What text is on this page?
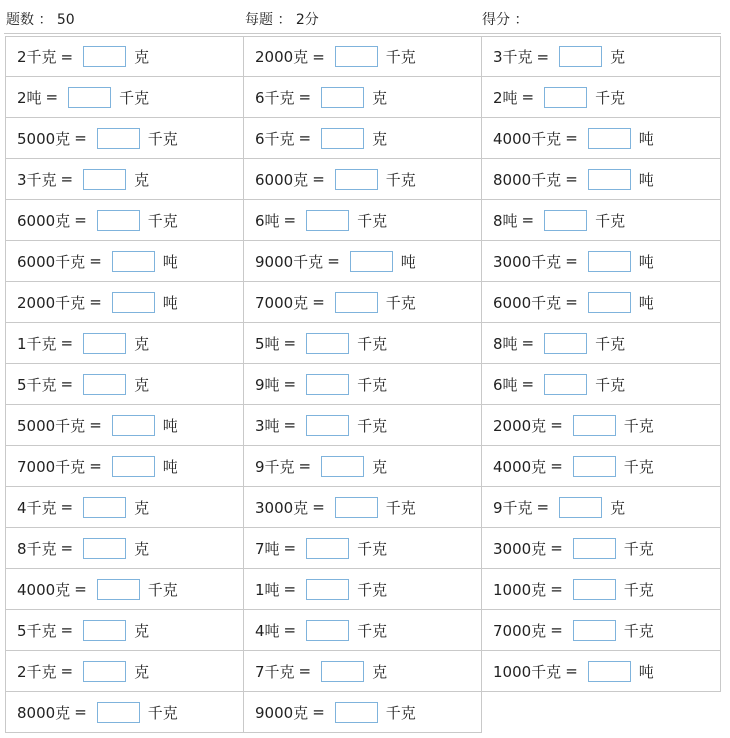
题数 ： 50	每题 ： 2分	得分 ：
2千克 =	克	2000克 =	千克	3千克 =	克
2吨 =	千克	6千克 =	克	2吨 =	千克
5000克 =	千克	6千克 =	克	4000千克 =	吨
3千克 =	克	6000克 =	千克	8000千克 =	吨
6000克 =	千克	6吨 =	千克	8吨 =	千克
6000千克 =	吨	9000千克 =	吨	3000千克 =	吨
2000千克 =	吨	7000克 =	千克	6000千克 =	吨
1千克 =	克	5吨 =	千克	8吨 =	千克
5千克 =	克	9吨 =	千克	6吨 =	千克
5000千克 =	吨	3吨 =	千克	2000克 =	千克
7000千克 =	吨	9千克 =	克	4000克 =	千克
4千克 =	克	3000克 =	千克	9千克 =	克
8千克 =	克	7吨 =	千克	3000克 =	千克
4000克 =	千克	1吨 =	千克	1000克 =	千克
5千克 =	克	4吨 =	千克	7000克 =	千克
2千克 =	克	7千克 =	克	1000千克 =	吨
8000克 =	千克	9000克 =	千克
